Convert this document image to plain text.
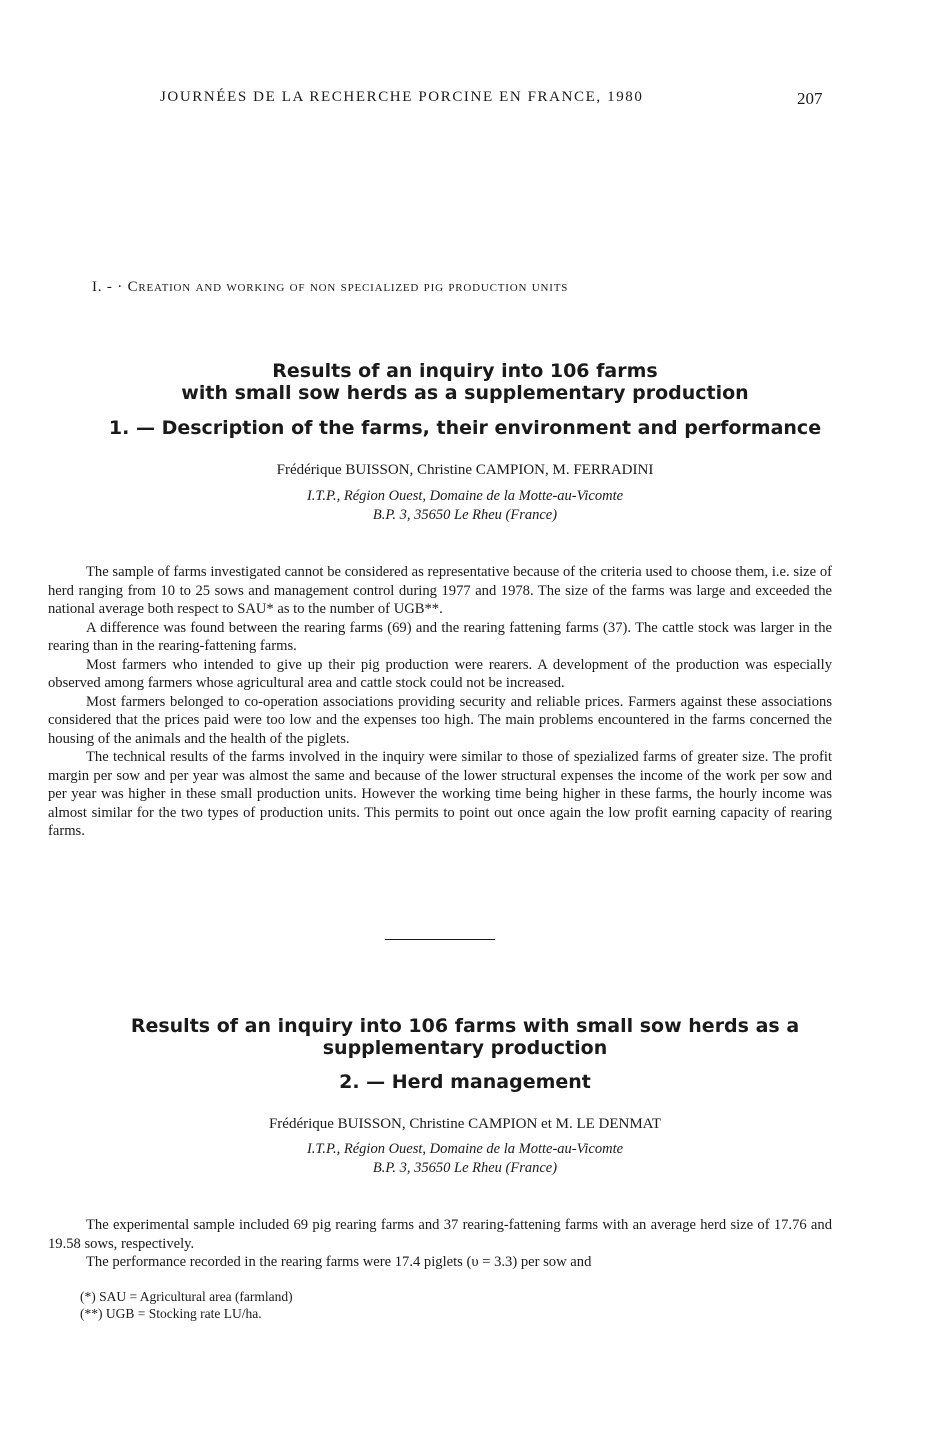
JOURNÉES DE LA RECHERCHE PORCINE EN FRANCE, 1980	207
I. - · Creation and working of non specialized pig production units
Results of an inquiry into 106 farms
with small sow herds as a supplementary production
1. — Description of the farms, their environment and performance
Frédérique BUISSON, Christine CAMPION, M. FERRADINI
I.T.P., Région Ouest, Domaine de la Motte-au-Vicomte
B.P. 3, 35650 Le Rheu (France)

The sample of farms investigated cannot be considered as representative because of the criteria used to choose them, i.e. size of herd ranging from 10 to 25 sows and management control during 1977 and 1978. The size of the farms was large and exceeded the national average both respect to SAU* as to the number of UGB**.

A difference was found between the rearing farms (69) and the rearing fattening farms (37). The cattle stock was larger in the rearing than in the rearing-fattening farms.

Most farmers who intended to give up their pig production were rearers. A development of the production was especially observed among farmers whose agricultural area and cattle stock could not be increased.

Most farmers belonged to co-operation associations providing security and reliable prices. Farmers against these associations considered that the prices paid were too low and the expenses too high. The main problems encountered in the farms concerned the housing of the animals and the health of the piglets.

The technical results of the farms involved in the inquiry were similar to those of spezialized farms of greater size. The profit margin per sow and per year was almost the same and because of the lower structural expenses the income of the work per sow and per year was higher in these small production units. However the working time being higher in these farms, the hourly income was almost similar for the two types of production units. This permits to point out once again the low profit earning capacity of rearing farms.

Results of an inquiry into 106 farms with small sow herds as a
supplementary production
2. — Herd management
Frédérique BUISSON, Christine CAMPION et M. LE DENMAT
I.T.P., Région Ouest, Domaine de la Motte-au-Vicomte
B.P. 3, 35650 Le Rheu (France)

The experimental sample included 69 pig rearing farms and 37 rearing-fattening farms with an average herd size of 17.76 and 19.58 sows, respectively.

The performance recorded in the rearing farms were 17.4 piglets (υ = 3.3) per sow and

(*) SAU = Agricultural area (farmland)
(**) UGB = Stocking rate LU/ha.
